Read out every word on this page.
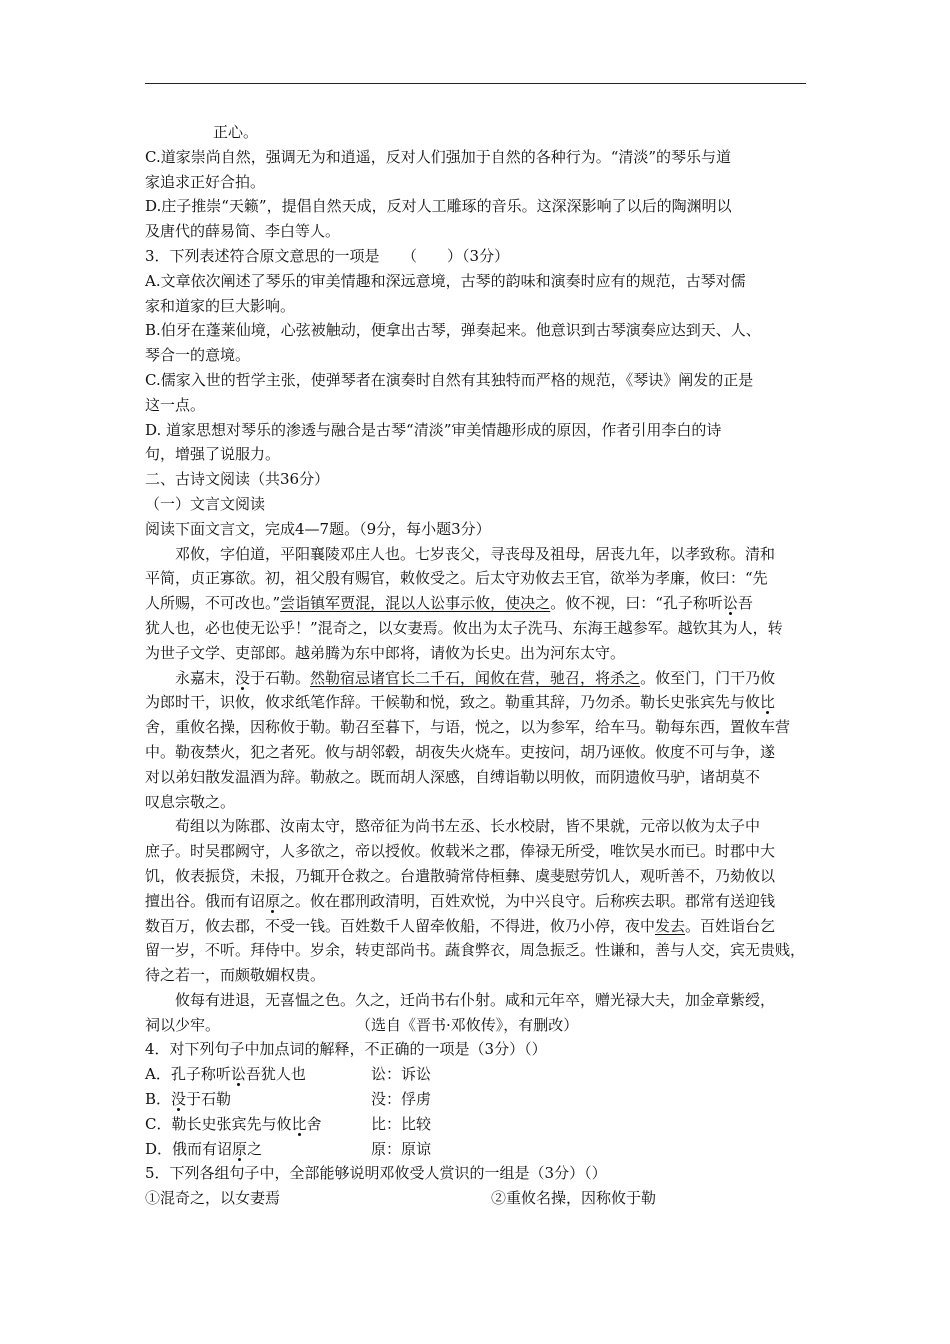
正心。
C.道家崇尚自然，强调无为和逍遥，反对人们强加于自然的各种行为。“清淡”的琴乐与道
家追求正好合拍。
D.庄子推崇“天籁”，提倡自然天成，反对人工雕琢的音乐。这深深影响了以后的陶渊明以
及唐代的薛易简、李白等人。
3．下列表述符合原文意思的一项是　　（　　）（3分）
A.文章依次阐述了琴乐的审美情趣和深远意境，古琴的韵味和演奏时应有的规范，古琴对儒
家和道家的巨大影响。
B.伯牙在蓬莱仙境，心弦被触动，便拿出古琴，弹奏起来。他意识到古琴演奏应达到天、人、
琴合一的意境。
C.儒家入世的哲学主张，使弹琴者在演奏时自然有其独特而严格的规范，《琴诀》阐发的正是
这一点。
D. 道家思想对琴乐的渗透与融合是古琴“清淡”审美情趣形成的原因，作者引用李白的诗
句，增强了说服力。
二、古诗文阅读（共36分）
（一）文言文阅读
阅读下面文言文，完成4—7题。（9分，每小题3分）
邓攸，字伯道，平阳襄陵邓庄人也。七岁丧父，寻丧母及祖母，居丧九年，以孝致称。清和
平简，贞正寡欲。初，祖父殷有赐官，敕攸受之。后太守劝攸去王官，欲举为孝廉，攸曰：“先
人所赐，不可改也。”尝诣镇军贾混，混以人讼事示攸，使决之。攸不视，曰：“孔子称听讼吾
犹人也，必也使无讼乎！”混奇之，以女妻焉。攸出为太子洗马、东海王越参军。越钦其为人，转
为世子文学、吏部郎。越弟腾为东中郎将，请攸为长史。出为河东太守。
永嘉末，没于石勒。然勒宿忌诸官长二千石，闻攸在营，驰召，将杀之。攸至门，门干乃攸
为郎时干，识攸，攸求纸笔作辞。干候勒和悦，致之。勒重其辞，乃勿杀。勒长史张宾先与攸比
舍，重攸名操，因称攸于勒。勒召至暮下，与语，悦之，以为参军，给车马。勒每东西，置攸车营
中。勒夜禁火，犯之者死。攸与胡邻毂，胡夜失火烧车。吏按问，胡乃诬攸。攸度不可与争，遂
对以弟妇散发温酒为辞。勒赦之。既而胡人深感，自缚诣勒以明攸，而阴遗攸马驴，诸胡莫不
叹息宗敬之。
荀组以为陈郡、汝南太守，愍帝征为尚书左丞、长水校尉，皆不果就，元帝以攸为太子中
庶子。时吴郡阙守，人多欲之，帝以授攸。攸载米之郡，俸禄无所受，唯饮吴水而已。时郡中大
饥，攸表振贷，未报，乃辄开仓救之。台遣散骑常侍桓彝、虞斐慰劳饥人，观听善不，乃劾攸以
擅出谷。俄而有诏原之。攸在郡刑政清明，百姓欢悦，为中兴良守。后称疾去职。郡常有送迎钱
数百万，攸去郡，不受一钱。百姓数千人留牵攸船，不得进，攸乃小停，夜中发去。百姓诣台乞
留一岁，不听。拜侍中。岁余，转吏部尚书。蔬食弊衣，周急振乏。性谦和，善与人交，宾无贵贱，
待之若一，而颇敬媚权贵。
攸每有进退，无喜愠之色。久之，迁尚书右仆射。咸和元年卒，赠光禄大夫，加金章紫绶，
祠以少牢。	（选自《晋书·邓攸传》，有删改）
4．对下列句子中加点词的解释，不正确的一项是（3分）（）
A．孔子称听讼吾犹人也	讼：诉讼
B．没于石勒	没：俘虏
C．勒长史张宾先与攸比舍	比：比较
D．俄而有诏原之	原：原谅
5．下列各组句子中，全部能够说明邓攸受人赏识的一组是（3分）（）
①混奇之，以女妻焉	②重攸名操，因称攸于勒
